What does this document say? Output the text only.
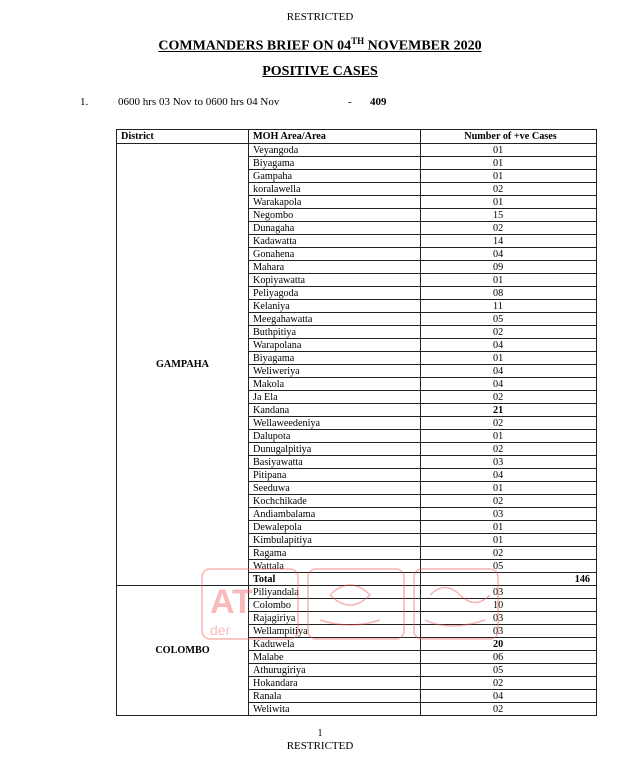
RESTRICTED
COMMANDERS BRIEF ON 04TH NOVEMBER 2020
POSITIVE CASES
1.	0600 hrs 03 Nov to 0600 hrs 04 Nov	- 409
District	MOH Area/Area	Number of +ve Cases
GAMPAHA	Veyangoda	01
	Biyagama	01
	Gampaha	01
	koralawella	02
	Warakapola	01
	Negombo	15
	Dunagaha	02
	Kadawatta	14
	Gonahena	04
	Mahara	09
	Kopiyawatta	01
	Peliyagoda	08
	Kelaniya	11
	Meegahawatta	05
	Buthpitiya	02
	Warapolana	04
	Biyagama	01
	Weliweriya	04
	Makola	04
	Ja Ela	02
	Kandana	21
	Wellaweedeniya	02
	Dalupota	01
	Dunugalpitiya	02
	Basiyawatta	03
	Pitipana	04
	Seeduwa	01
	Kochchikade	02
	Andiambalama	03
	Dewalepola	01
	Kimbulapitiya	01
	Ragama	02
	Wattala	05
	Total	146
COLOMBO	Piliyandala	03
	Colombo	10
	Rajagiriya	03
	Wellampitiya	03
	Kaduwela	20
	Malabe	06
	Athurugiriya	05
	Hokandara	02
	Ranala	04
	Weliwita	02
AT
der
1
RESTRICTED
